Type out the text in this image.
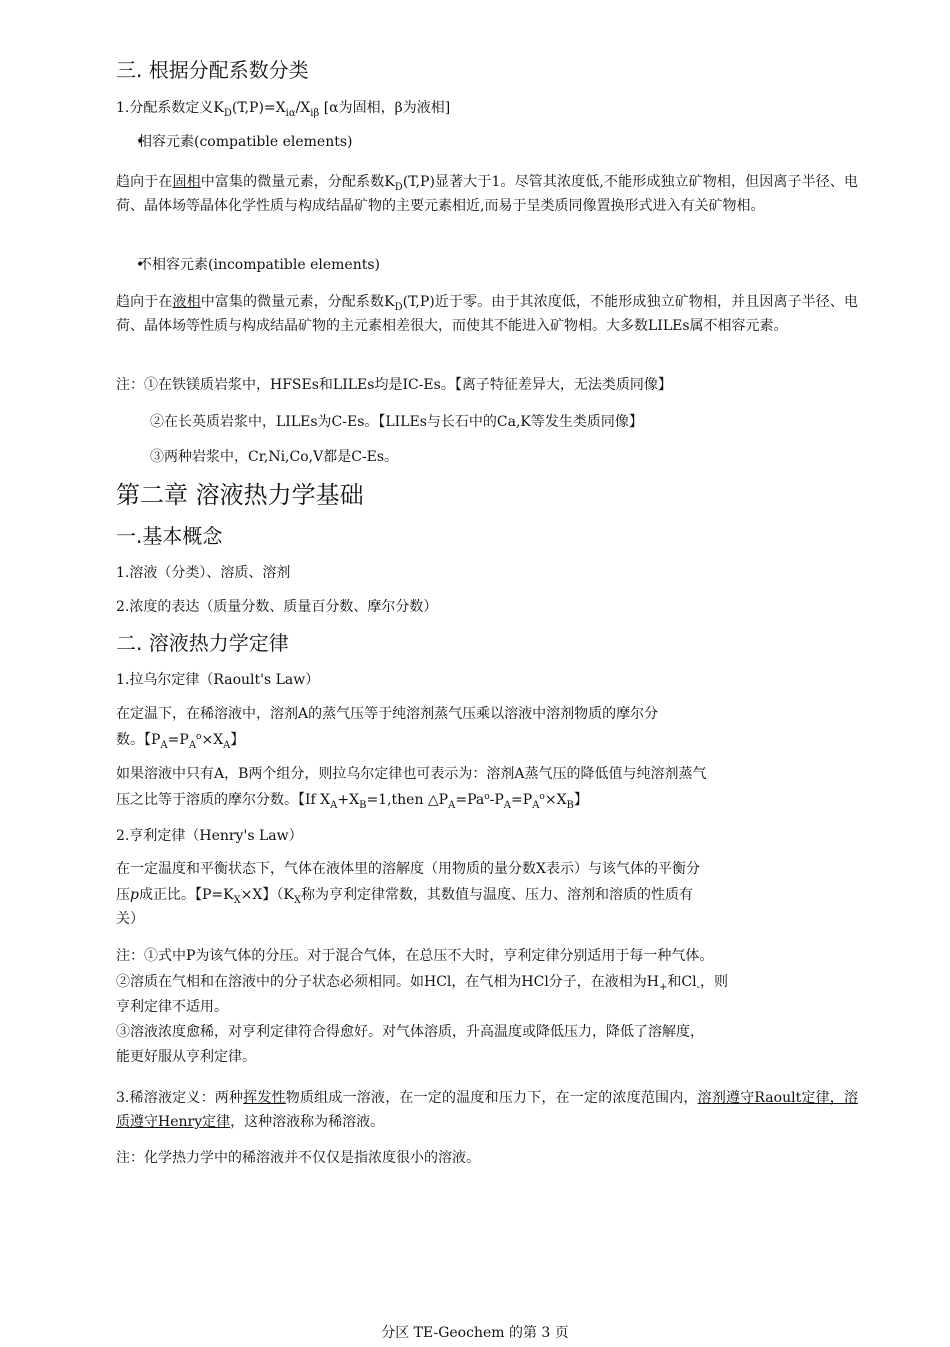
三. 根据分配系数分类

1.分配系数定义$K_D(T,P)=X_{i\alpha}/X_{i\beta}$ [α为固相，β为液相]

• 相容元素(compatible elements)

趋向于在固相中富集的微量元素，分配系数$K_D(T,P)$显著大于1。尽管其浓度低,不能形成独立矿物相，但因离子半径、电荷、晶体场等晶体化学性质与构成结晶矿物的主要元素相近,而易于呈类质同像置换形式进入有关矿物相。

• 不相容元素(incompatible elements)

趋向于在液相中富集的微量元素，分配系数$K_D(T,P)$近于零。由于其浓度低，不能形成独立矿物相，并且因离子半径、电荷、晶体场等性质与构成结晶矿物的主元素相差很大，而使其不能进入矿物相。大多数LILEs属不相容元素。

注：①在铁镁质岩浆中，HFSEs和LILEs均是IC-Es。【离子特征差异大，无法类质同像】

②在长英质岩浆中，LILEs为C-Es。【LILEs与长石中的Ca,K等发生类质同像】

③两种岩浆中，Cr,Ni,Co,V都是C-Es。

第二章 溶液热力学基础
一.基本概念

1.溶液（分类）、溶质、溶剂

2.浓度的表达（质量分数、质量百分数、摩尔分数）

二. 溶液热力学定律

1.拉乌尔定律（Raoult's Law）

在定温下，在稀溶液中，溶剂A的蒸气压等于纯溶剂蒸气压乘以溶液中溶剂物质的摩尔分

数。【$P_A=P_A^o\times X_A$】

如果溶液中只有A，B两个组分，则拉乌尔定律也可表示为：溶剂A蒸气压的降低值与纯溶剂蒸气

压之比等于溶质的摩尔分数。【If $X_A+X_B=1,then$ $\triangle P_A=Pa^o-P_A=P_A^o\times X_B$】

2.亨利定律（Henry's Law）

在一定温度和平衡状态下，气体在液体里的溶解度（用物质的量分数X表示）与该气体的平衡分

压p成正比。【$P=K_X\times X$】（$K_X$称为亨利定律常数，其数值与温度、压力、溶剂和溶质的性质有

关）

注：①式中P为该气体的分压。对于混合气体，在总压不大时，亨利定律分别适用于每一种气体。

②溶质在气相和在溶液中的分子状态必须相同。如HCl，在气相为HCl分子，在液相为$H_+$和$Cl_-$，则

亨利定律不适用。

③溶液浓度愈稀，对亨利定律符合得愈好。对气体溶质，升高温度或降低压力，降低了溶解度，

能更好服从亨利定律。

3.稀溶液定义：两种挥发性物质组成一溶液，在一定的温度和压力下，在一定的浓度范围内，溶剂遵守Raoult定律，溶质遵守Henry定律，这种溶液称为稀溶液。

注：化学热力学中的稀溶液并不仅仅是指浓度很小的溶液。

分区 TE-Geochem 的第 3 页
